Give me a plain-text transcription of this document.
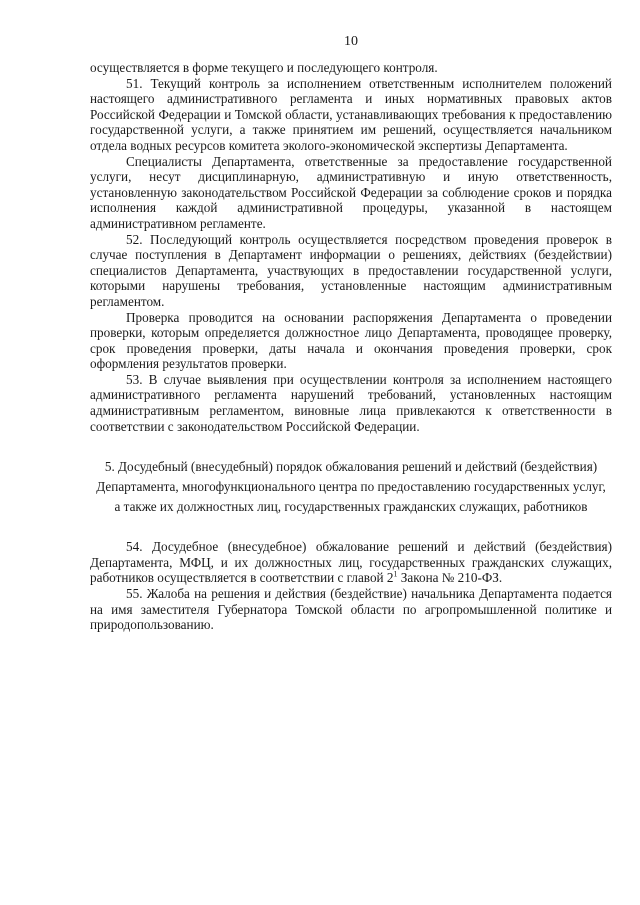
10

осуществляется в форме текущего и последующего контроля.

51. Текущий контроль за исполнением ответственным исполнителем положений настоящего административного регламента и иных нормативных правовых актов Российской Федерации и Томской области, устанавливающих требования к предоставлению государственной услуги, а также принятием им решений, осуществляется начальником отдела водных ресурсов комитета эколого-экономической экспертизы Департамента.

Специалисты Департамента, ответственные за предоставление государственной услуги, несут дисциплинарную, административную и иную ответственность, установленную законодательством Российской Федерации за соблюдение сроков и порядка исполнения каждой административной процедуры, указанной в настоящем административном регламенте.

52. Последующий контроль осуществляется посредством проведения проверок в случае поступления в Департамент информации о решениях, действиях (бездействии) специалистов Департамента, участвующих в предоставлении государственной услуги, которыми нарушены требования, установленные настоящим административным регламентом.

Проверка проводится на основании распоряжения Департамента о проведении проверки, которым определяется должностное лицо Департамента, проводящее проверку, срок проведения проверки, даты начала и окончания проведения проверки, срок оформления результатов проверки.

53. В случае выявления при осуществлении контроля за исполнением настоящего административного регламента нарушений требований, установленных настоящим административным регламентом, виновные лица привлекаются к ответственности в соответствии с законодательством Российской Федерации.

5. Досудебный (внесудебный) порядок обжалования решений и действий (бездействия) Департамента, многофункционального центра по предоставлению государственных услуг, а также их должностных лиц, государственных гражданских служащих, работников

54. Досудебное (внесудебное) обжалование решений и действий (бездействия) Департамента, МФЦ, и их должностных лиц, государственных гражданских служащих, работников осуществляется в соответствии с главой $2^1$ Закона № 210-ФЗ.

55. Жалоба на решения и действия (бездействие) начальника Департамента подается на имя заместителя Губернатора Томской области по агропромышленной политике и природопользованию.
